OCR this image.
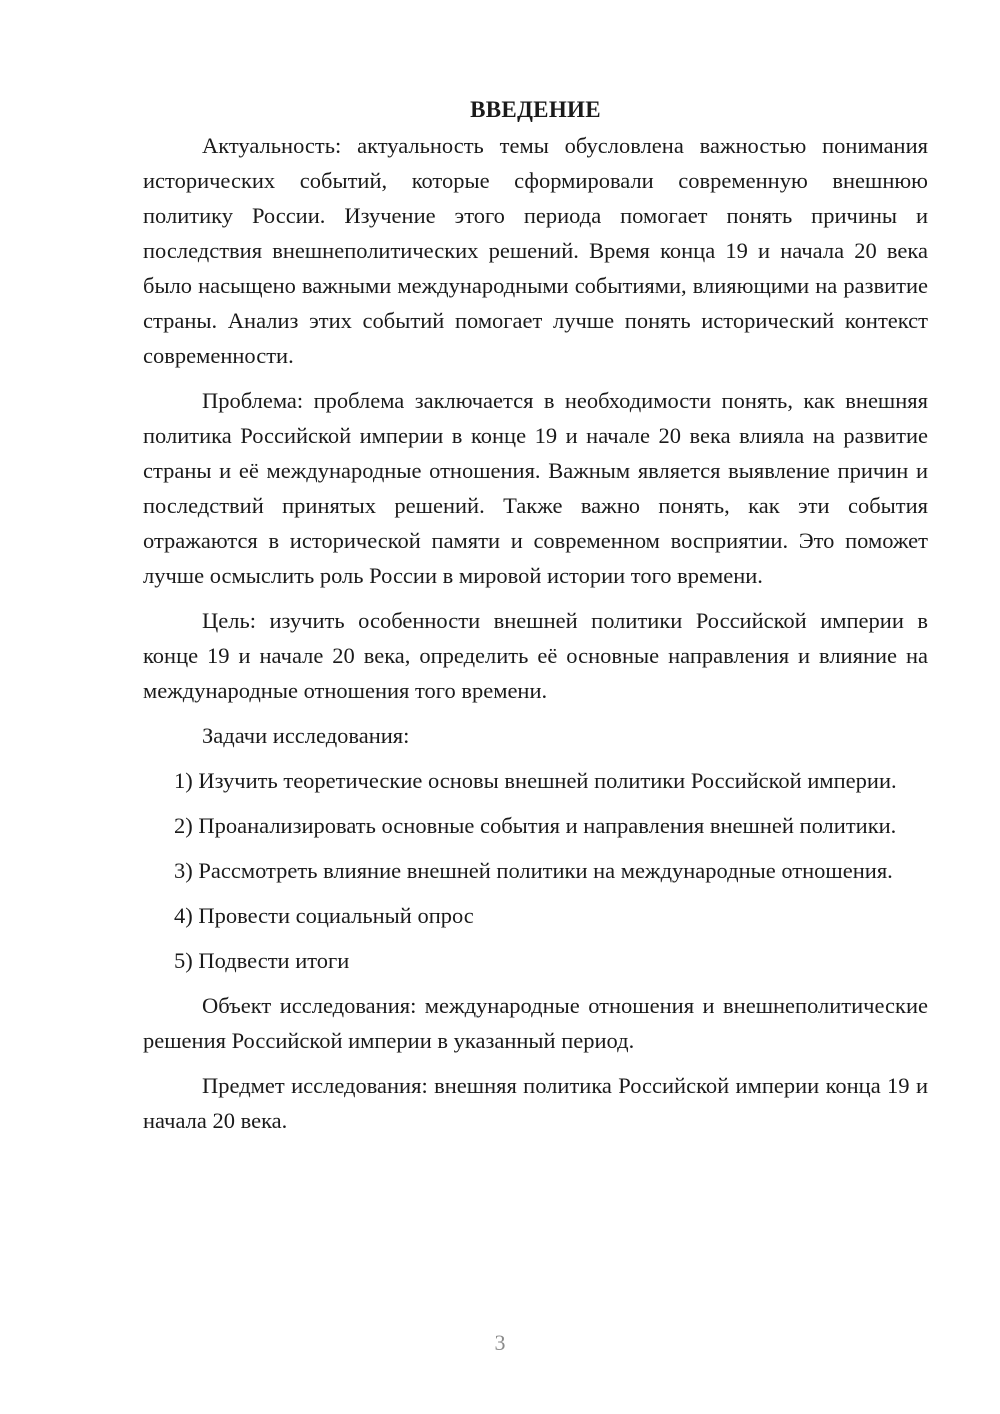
ВВЕДЕНИЕ

Актуальность: актуальность темы обусловлена важностью понимания исторических событий, которые сформировали современную внешнюю политику России. Изучение этого периода помогает понять причины и последствия внешнеполитических решений. Время конца 19 и начала 20 века было насыщено важными международными событиями, влияющими на развитие страны. Анализ этих событий помогает лучше понять исторический контекст современности.

Проблема: проблема заключается в необходимости понять, как внешняя политика Российской империи в конце 19 и начале 20 века влияла на развитие страны и её международные отношения. Важным является выявление причин и последствий принятых решений. Также важно понять, как эти события отражаются в исторической памяти и современном восприятии. Это поможет лучше осмыслить роль России в мировой истории того времени.

Цель: изучить особенности внешней политики Российской империи в конце 19 и начале 20 века, определить её основные направления и влияние на международные отношения того времени.

Задачи исследования:

1) Изучить теоретические основы внешней политики Российской империи.

2) Проанализировать основные события и направления внешней политики.

3) Рассмотреть влияние внешней политики на международные отношения.

4) Провести социальный опрос

5) Подвести итоги

Объект исследования: международные отношения и внешнеполитические решения Российской империи в указанный период.

Предмет исследования: внешняя политика Российской империи конца 19 и начала 20 века.

3
